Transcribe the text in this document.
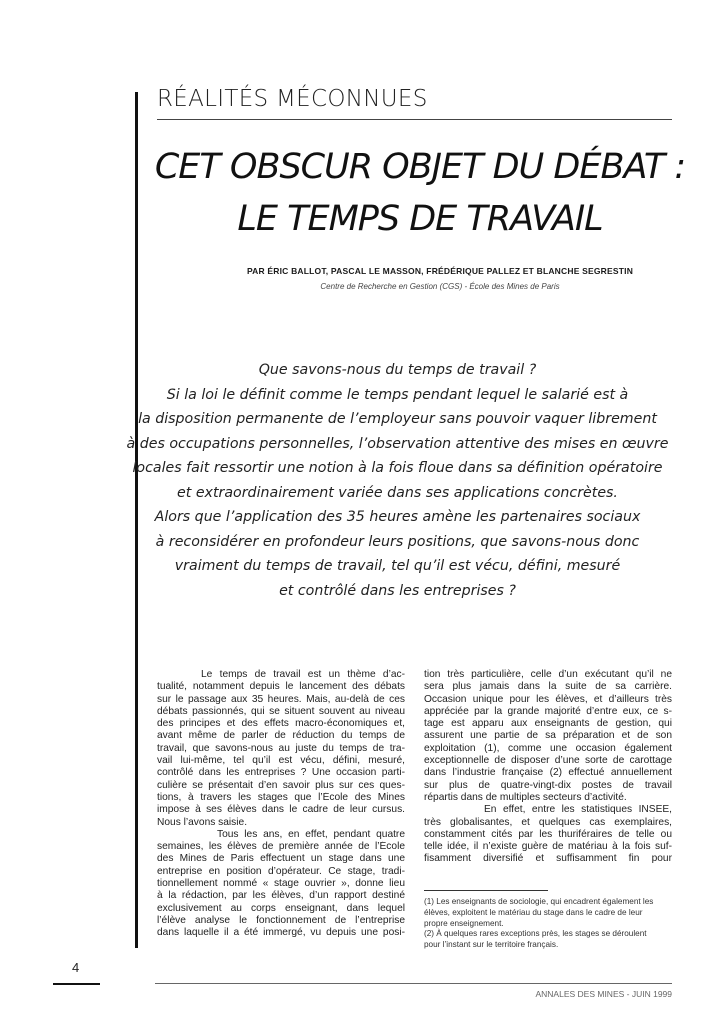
RÉALITÉS MÉCONNUES
CET OBSCUR OBJET DU DÉBAT :
LE TEMPS DE TRAVAIL
PAR ÉRIC BALLOT, PASCAL LE MASSON, FRÉDÉRIQUE PALLEZ ET BLANCHE SEGRESTIN
Centre de Recherche en Gestion (CGS) - École des Mines de Paris
Que savons-nous du temps de travail ?
Si la loi le définit comme le temps pendant lequel le salarié est à
la disposition permanente de l’employeur sans pouvoir vaquer librement
à des occupations personnelles, l’observation attentive des mises en œuvre
locales fait ressortir une notion à la fois floue dans sa définition opératoire
et extraordinairement variée dans ses applications concrètes.
Alors que l’application des 35 heures amène les partenaires sociaux
à reconsidérer en profondeur leurs positions, que savons-nous donc
vraiment du temps de travail, tel qu’il est vécu, défini, mesuré
et contrôlé dans les entreprises ?
Le temps de travail est un thème d’ac-
tualité, notamment depuis le lancement des débats
sur le passage aux 35 heures. Mais, au-delà de ces
débats passionnés, qui se situent souvent au niveau
des principes et des effets macro-économiques et,
avant même de parler de réduction du temps de
travail, que savons-nous au juste du temps de tra-
vail lui-même, tel qu’il est vécu, défini, mesuré,
contrôlé dans les entreprises ? Une occasion parti-
culière se présentait d’en savoir plus sur ces ques-
tions, à travers les stages que l’École des Mines
impose à ses élèves dans le cadre de leur cursus.
Nous l’avons saisie.
Tous les ans, en effet, pendant quatre
semaines, les élèves de première année de l’École
des Mines de Paris effectuent un stage dans une
entreprise en position d’opérateur. Ce stage, tradi-
tionnellement nommé « stage ouvrier », donne lieu
à la rédaction, par les élèves, d’un rapport destiné
exclusivement au corps enseignant, dans lequel
l’élève analyse le fonctionnement de l’entreprise
dans laquelle il a été immergé, vu depuis une posi-
tion très particulière, celle d’un exécutant qu’il ne
sera plus jamais dans la suite de sa carrière.
Occasion unique pour les élèves, et d’ailleurs très
appréciée par la grande majorité d’entre eux, ce s-
tage est apparu aux enseignants de gestion, qui
assurent une partie de sa préparation et de son
exploitation (1), comme une occasion également
exceptionnelle de disposer d’une sorte de carottage
dans l’industrie française (2) effectué annuellement
sur plus de quatre-vingt-dix postes de travail
répartis dans de multiples secteurs d’activité.
En effet, entre les statistiques INSEE,
très globalisantes, et quelques cas exemplaires,
constamment cités par les thuriféraires de telle ou
telle idée, il n’existe guère de matériau à la fois suf-
fisamment diversifié et suffisamment fin pour
(1) Les enseignants de sociologie, qui encadrent également les
élèves, exploitent le matériau du stage dans le cadre de leur
propre enseignement.
(2) À quelques rares exceptions près, les stages se déroulent
pour l’instant sur le territoire français.
4
ANNALES DES MINES - JUIN 1999
